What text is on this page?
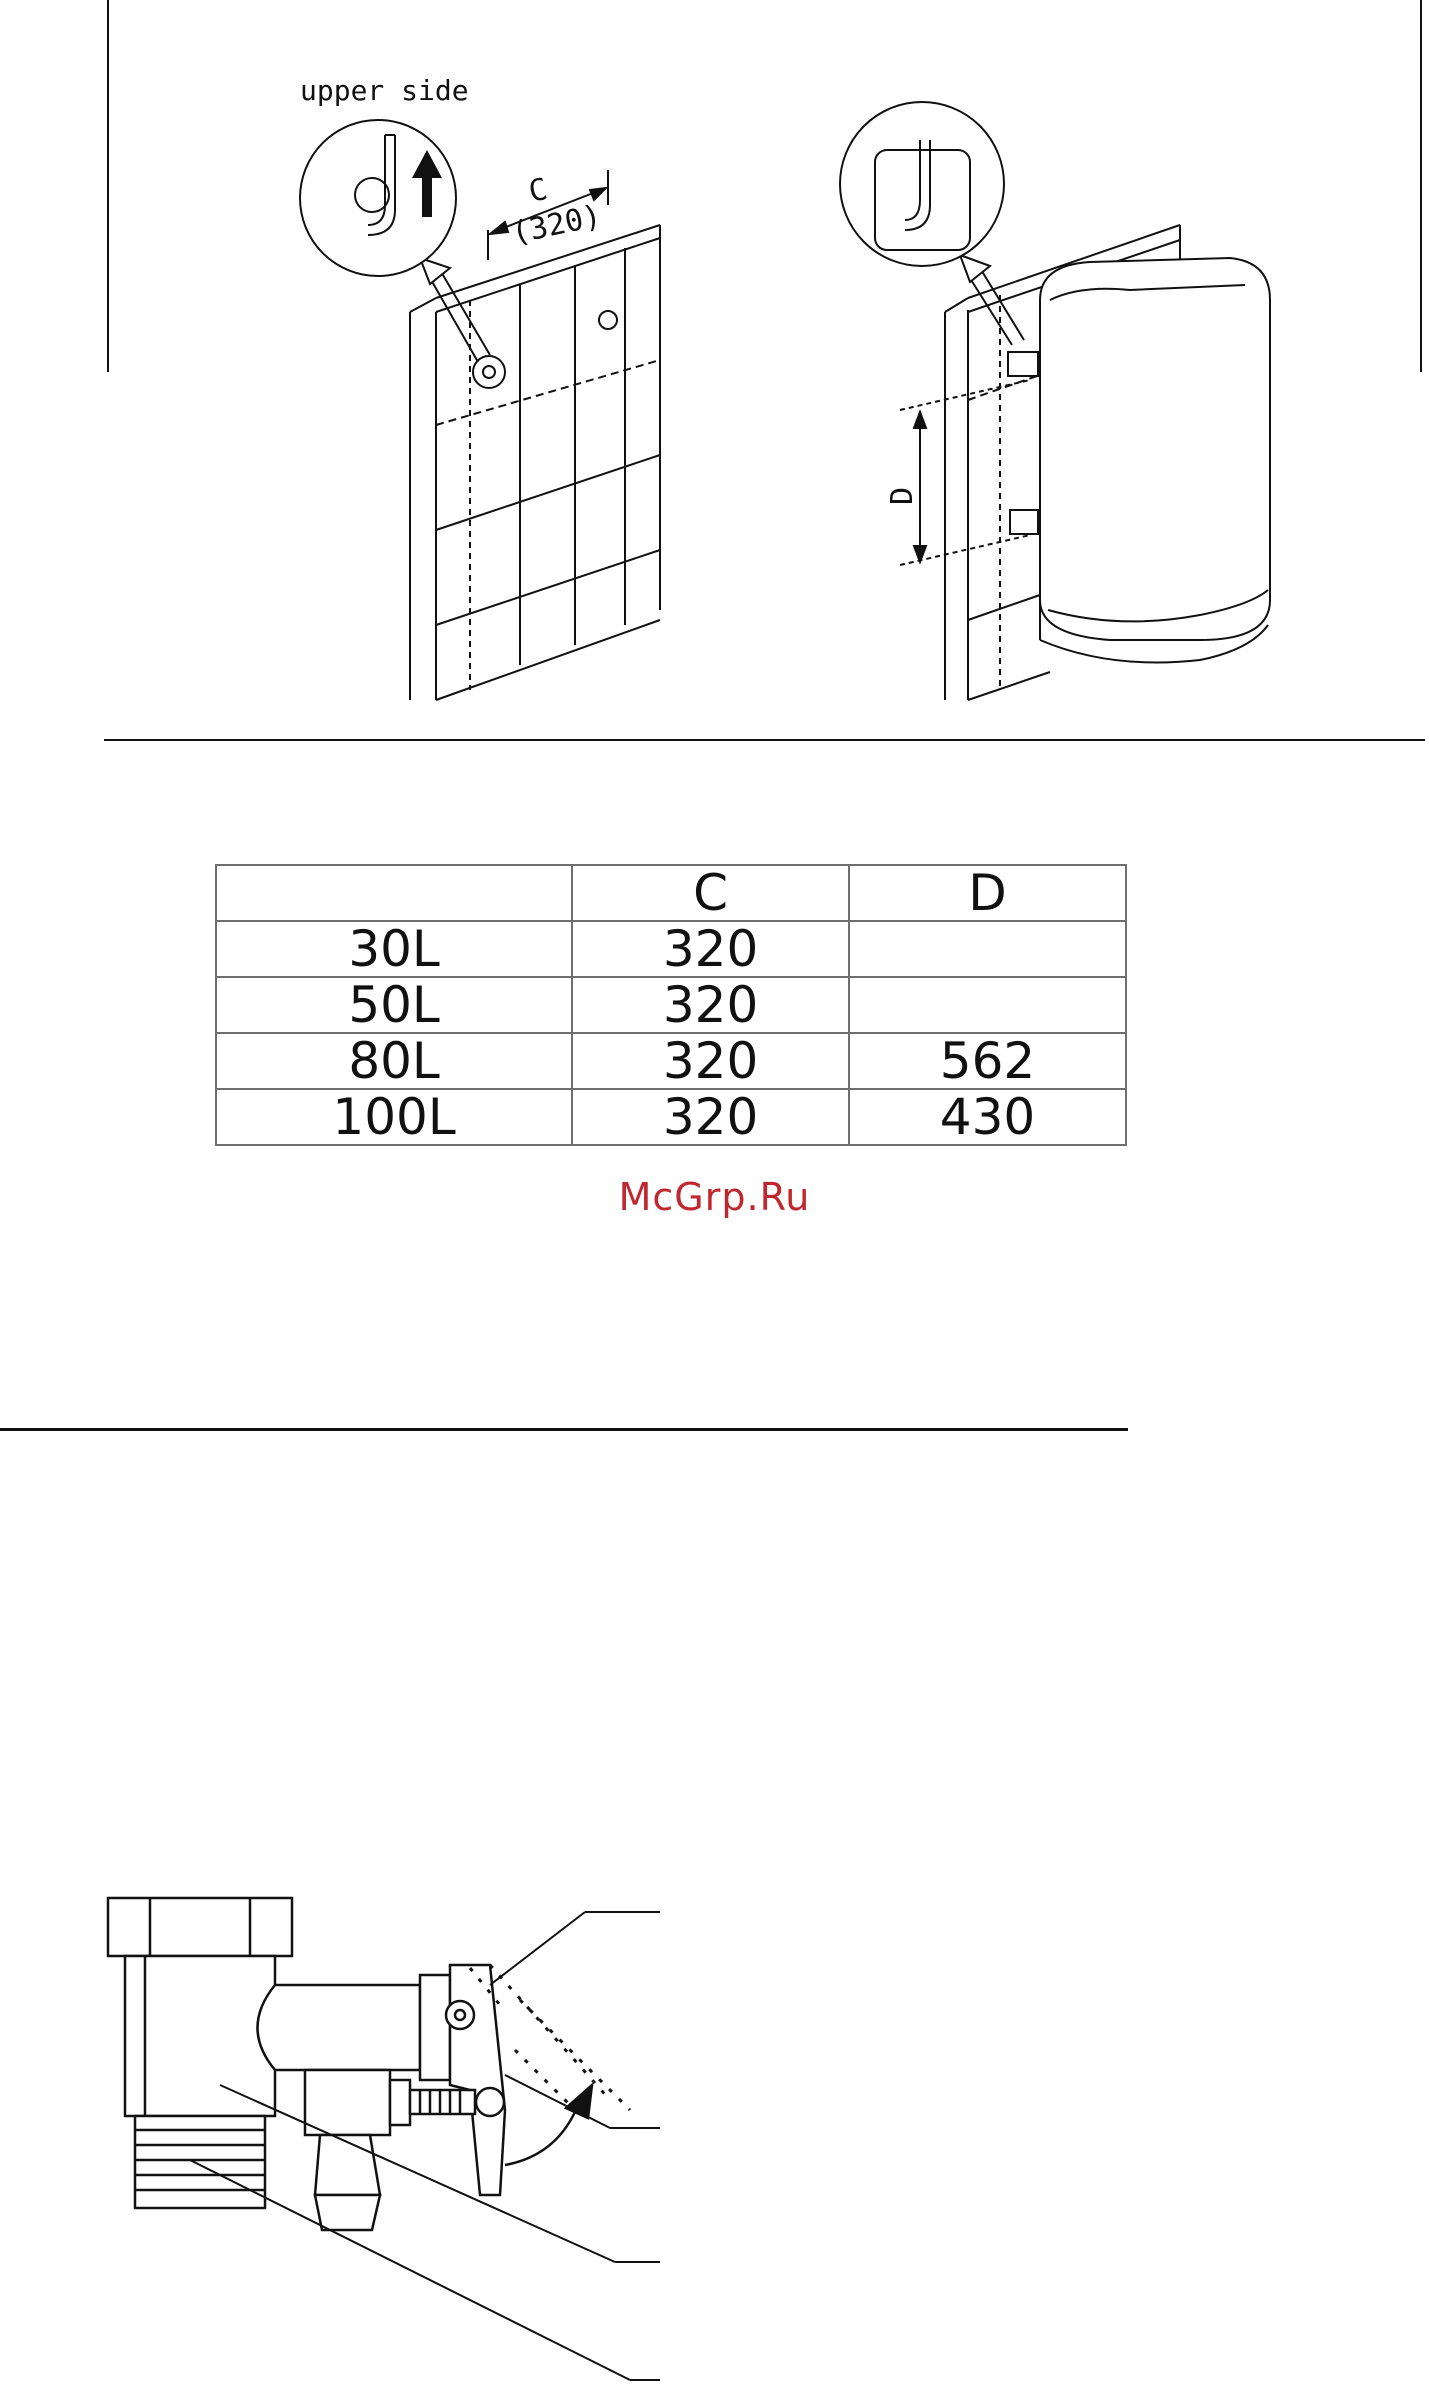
upper side
C
(320)
D
	C	D
30L	320	
50L	320	
80L	320	562
100L	320	430
McGrp.Ru
